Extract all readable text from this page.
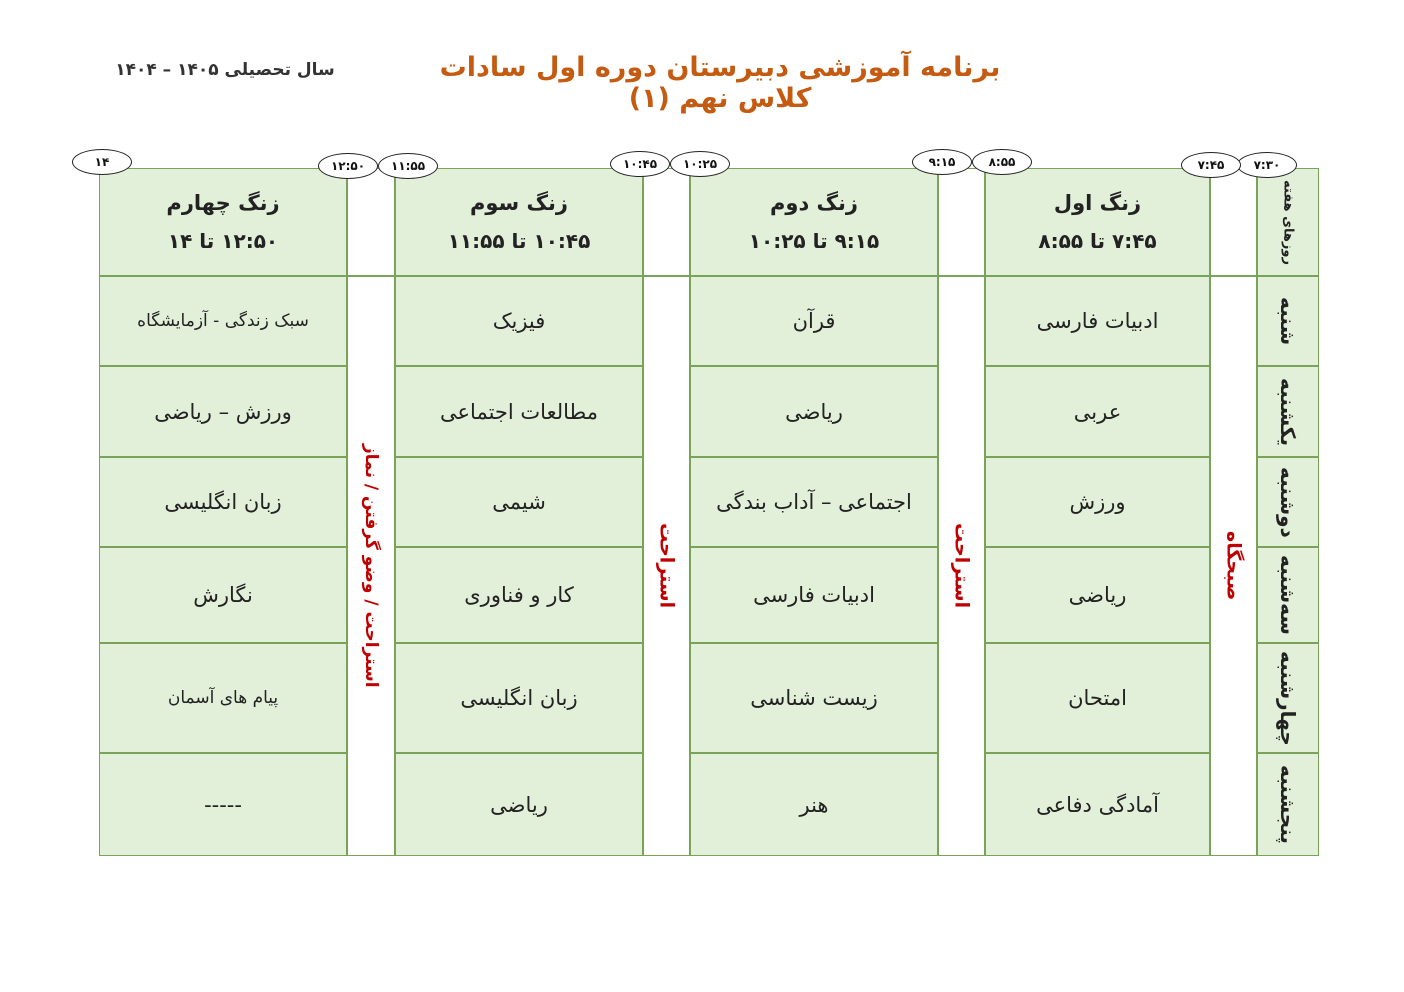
برنامه آموزشی دبیرستان دوره اول سادات کلاس نهم (۱)
سال تحصیلی ۱۴۰۵ – ۱۴۰۴
روزهای هفته
زنگ اول
۷:۴۵ تا ۸:۵۵
زنگ دوم
۹:۱۵ تا ۱۰:۲۵
زنگ سوم
۱۰:۴۵ تا ۱۱:۵۵
زنگ چهارم
۱۲:۵۰ تا ۱۴
صبحگاه
استراحت
استراحت
استراحت / وضو گرفتن / نماز
شنبه
ادبیات فارسی
قرآن
فیزیک
سبک زندگی - آزمایشگاه
یکشنبه
عربی
ریاضی
مطالعات اجتماعی
ورزش – ریاضی
دوشنبه
ورزش
اجتماعی – آداب بندگی
شیمی
زبان انگلیسی
سه‌شنبه
ریاضی
ادبیات فارسی
کار و فناوری
نگارش
چهارشنبه
امتحان
زیست شناسی
زبان انگلیسی
پیام های آسمان
پنجشنبه
آمادگی دفاعی
هنر
ریاضی
-----
۷:۳۰
۷:۴۵
۸:۵۵
۹:۱۵
۱۰:۲۵
۱۰:۴۵
۱۱:۵۵
۱۲:۵۰
۱۴
